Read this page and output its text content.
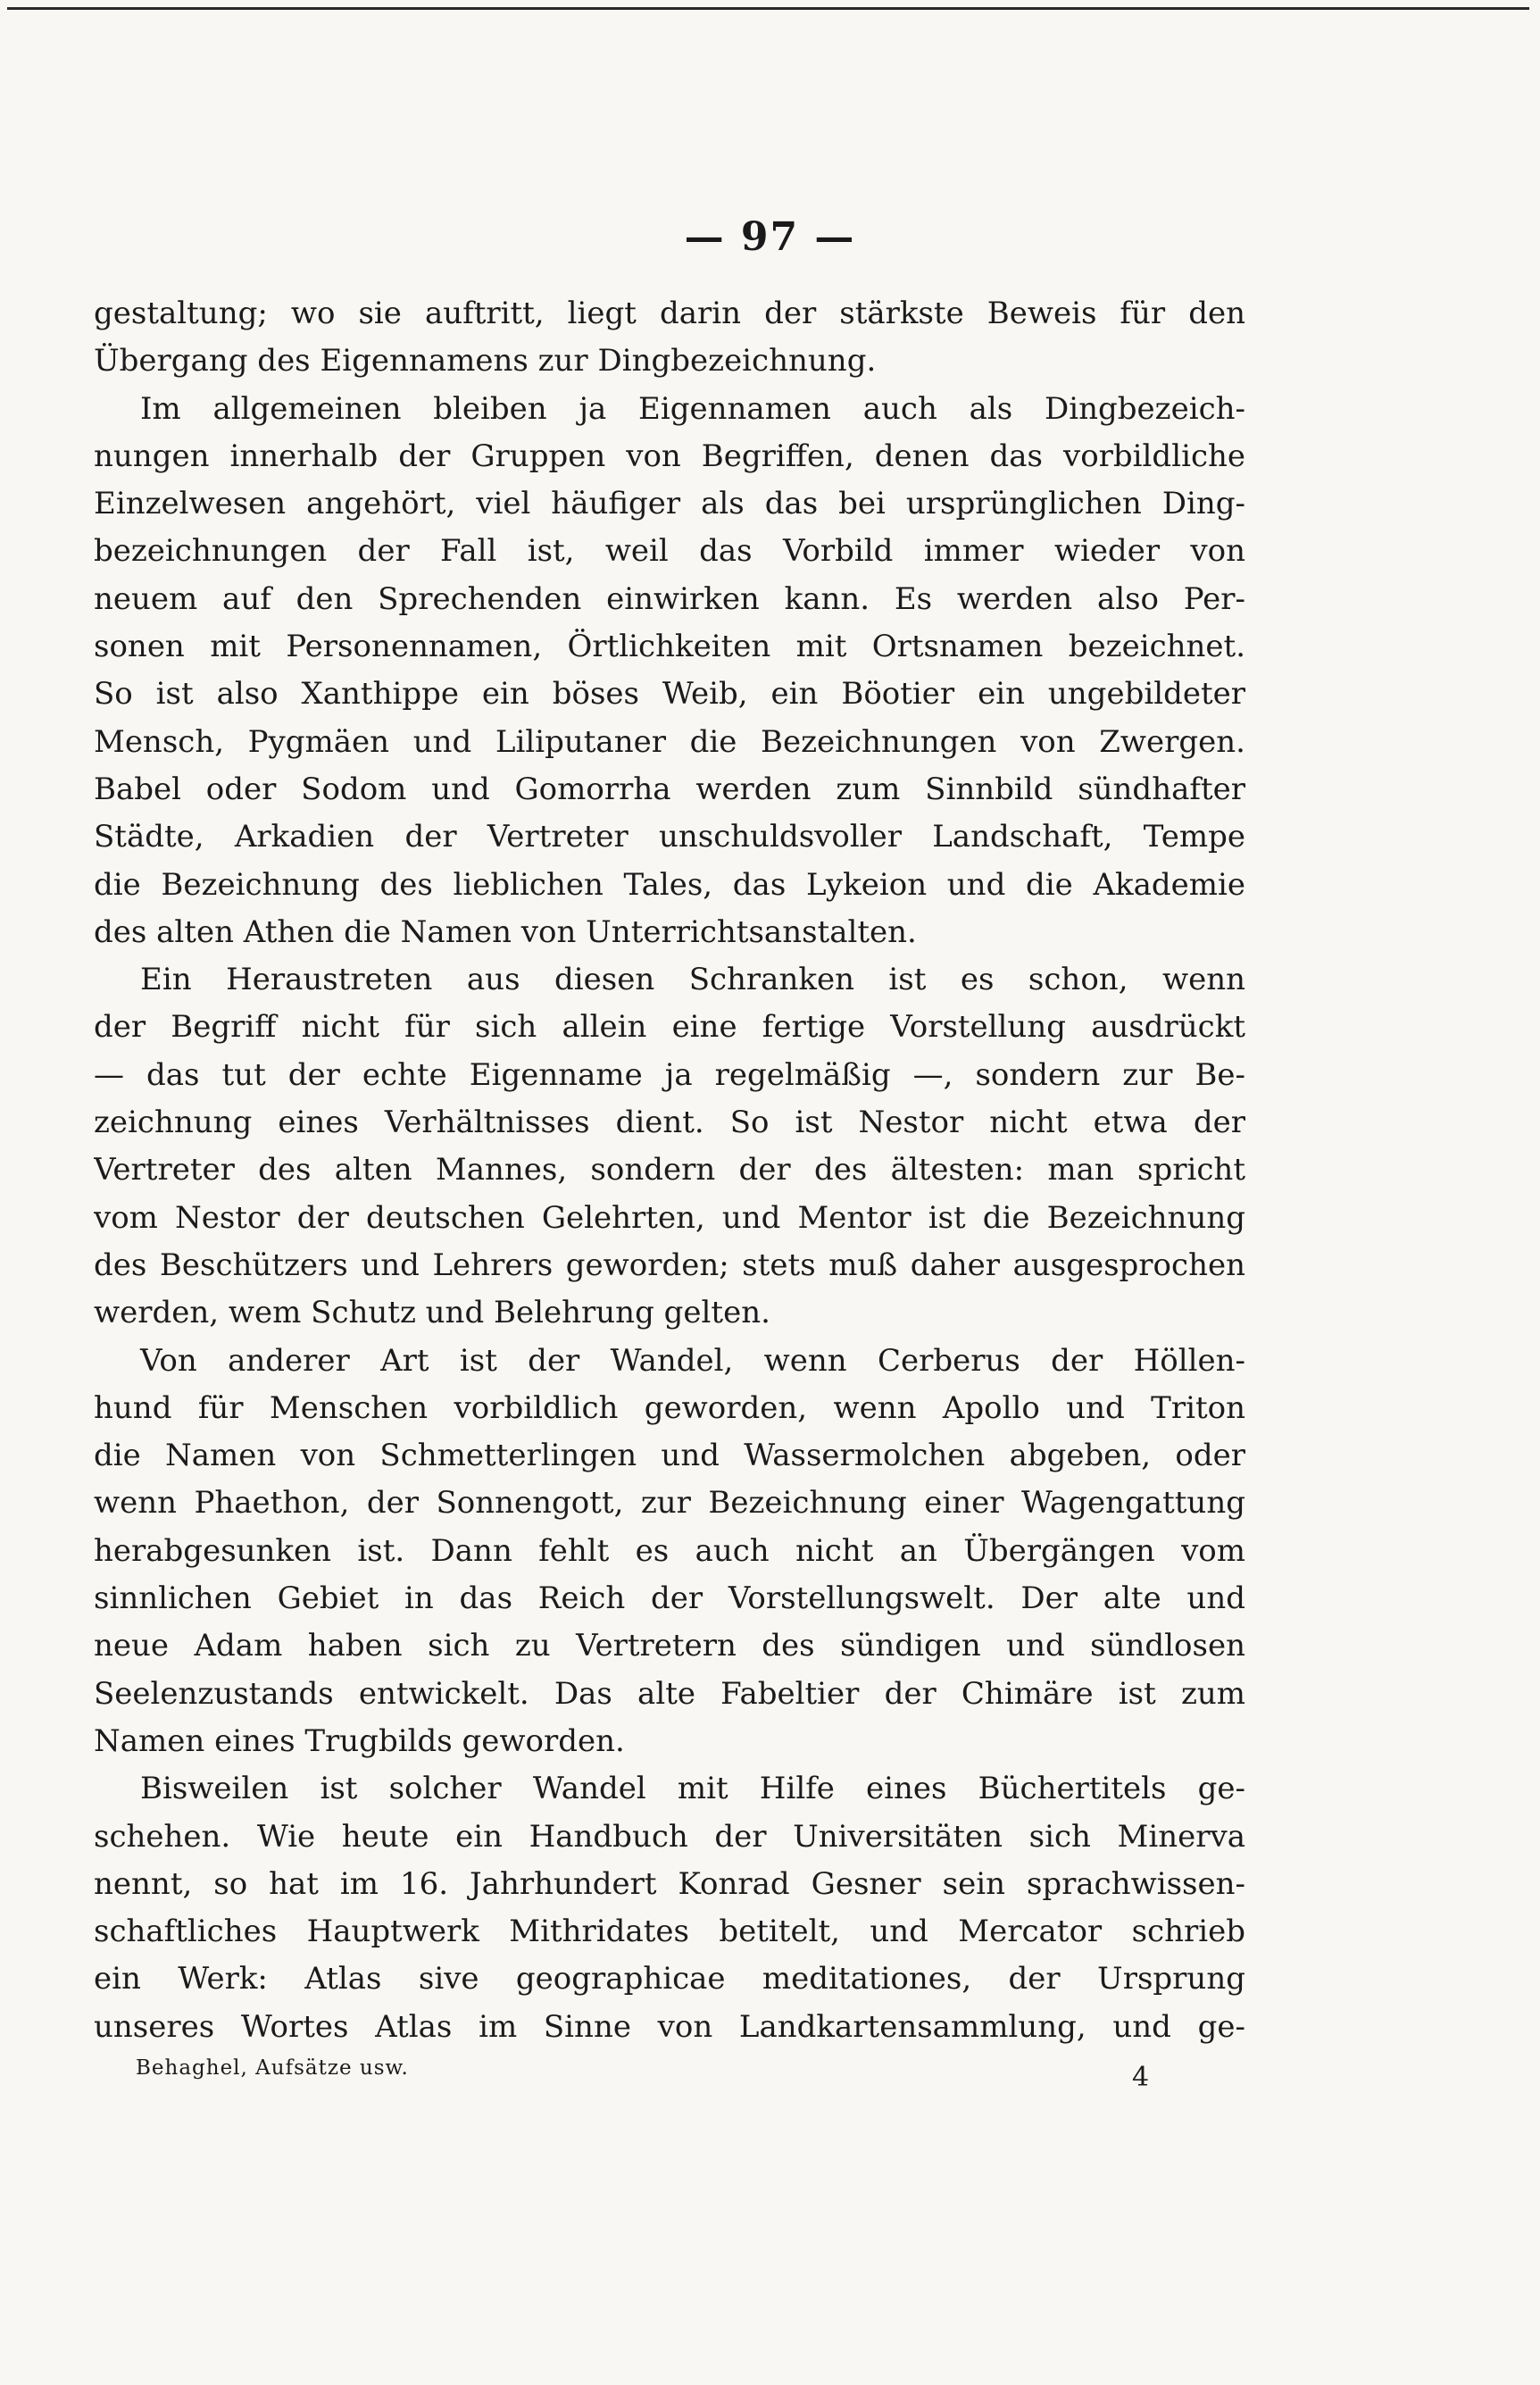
— 97 —
gestaltung; wo sie auftritt, liegt darin der stärkste Beweis für den
Übergang des Eigennamens zur Dingbezeichnung.
Im allgemeinen bleiben ja Eigennamen auch als Dingbezeich-
nungen innerhalb der Gruppen von Begriffen, denen das vorbildliche
Einzelwesen angehört, viel häufiger als das bei ursprünglichen Ding-
bezeichnungen der Fall ist, weil das Vorbild immer wieder von
neuem auf den Sprechenden einwirken kann. Es werden also Per-
sonen mit Personennamen, Örtlichkeiten mit Ortsnamen bezeichnet.
So ist also Xanthippe ein böses Weib, ein Böotier ein ungebildeter
Mensch, Pygmäen und Liliputaner die Bezeichnungen von Zwergen.
Babel oder Sodom und Gomorrha werden zum Sinnbild sündhafter
Städte, Arkadien der Vertreter unschuldsvoller Landschaft, Tempe
die Bezeichnung des lieblichen Tales, das Lykeion und die Akademie
des alten Athen die Namen von Unterrichtsanstalten.
Ein Heraustreten aus diesen Schranken ist es schon, wenn
der Begriff nicht für sich allein eine fertige Vorstellung ausdrückt
— das tut der echte Eigenname ja regelmäßig —, sondern zur Be-
zeichnung eines Verhältnisses dient. So ist Nestor nicht etwa der
Vertreter des alten Mannes, sondern der des ältesten: man spricht
vom Nestor der deutschen Gelehrten, und Mentor ist die Bezeichnung
des Beschützers und Lehrers geworden; stets muß daher ausgesprochen
werden, wem Schutz und Belehrung gelten.
Von anderer Art ist der Wandel, wenn Cerberus der Höllen-
hund für Menschen vorbildlich geworden, wenn Apollo und Triton
die Namen von Schmetterlingen und Wassermolchen abgeben, oder
wenn Phaethon, der Sonnengott, zur Bezeichnung einer Wagengattung
herabgesunken ist. Dann fehlt es auch nicht an Übergängen vom
sinnlichen Gebiet in das Reich der Vorstellungswelt. Der alte und
neue Adam haben sich zu Vertretern des sündigen und sündlosen
Seelenzustands entwickelt. Das alte Fabeltier der Chimäre ist zum
Namen eines Trugbilds geworden.
Bisweilen ist solcher Wandel mit Hilfe eines Büchertitels ge-
schehen. Wie heute ein Handbuch der Universitäten sich Minerva
nennt, so hat im 16. Jahrhundert Konrad Gesner sein sprachwissen-
schaftliches Hauptwerk Mithridates betitelt, und Mercator schrieb
ein Werk: Atlas sive geographicae meditationes, der Ursprung
unseres Wortes Atlas im Sinne von Landkartensammlung, und ge-
Behaghel, Aufsätze usw.	4
